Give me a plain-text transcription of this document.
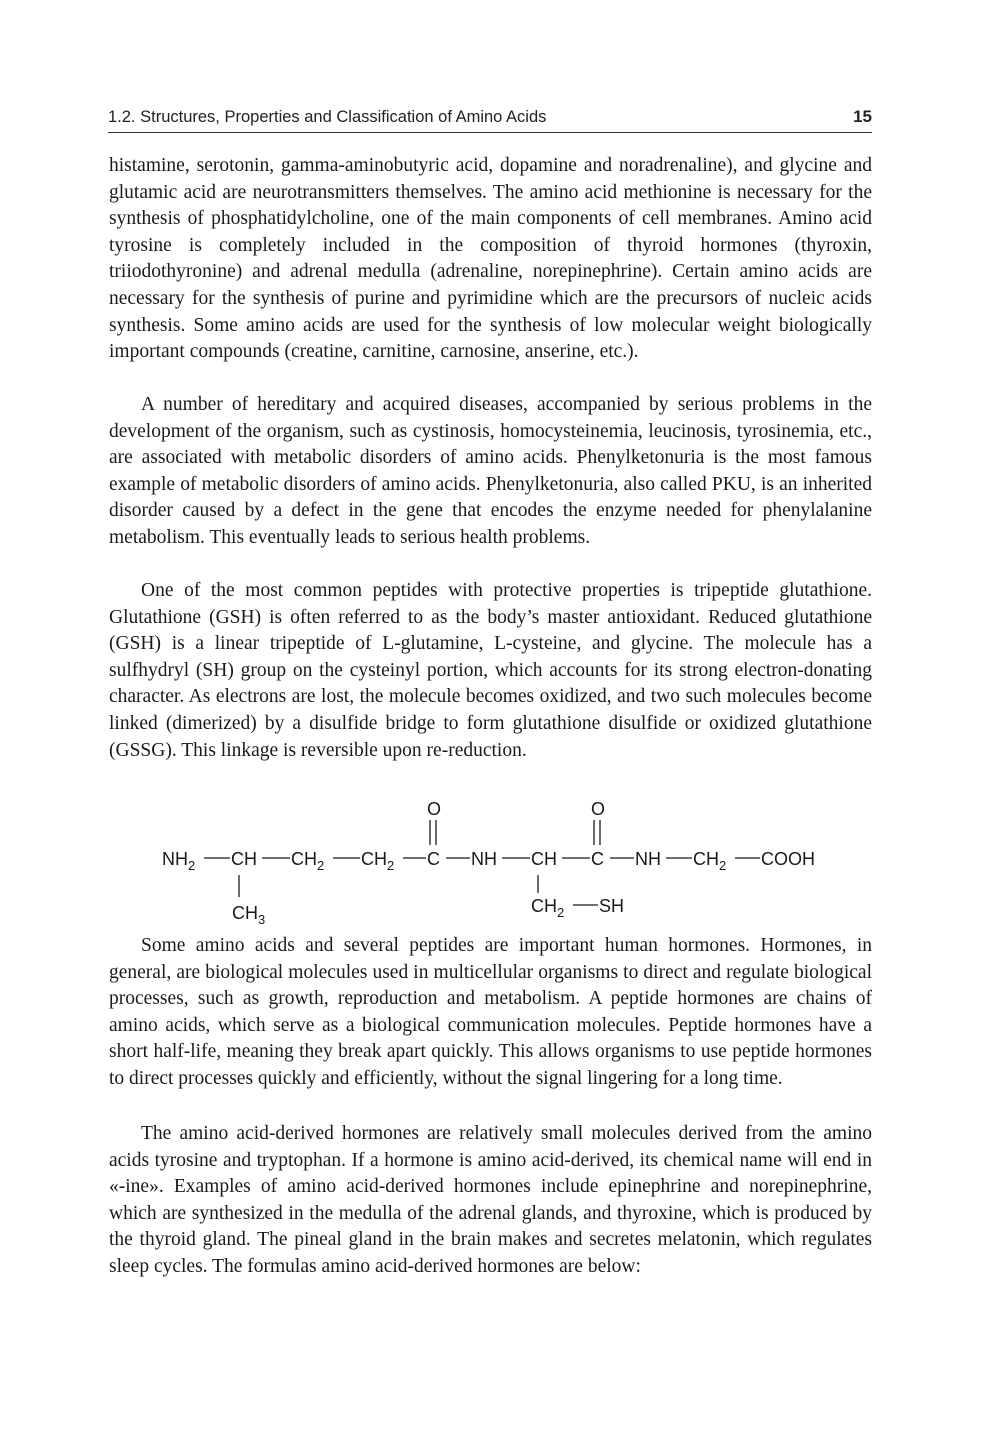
1.2. Structures, Properties and Classification of Amino Acids	15

histamine, serotonin, gamma-aminobutyric acid, dopamine and noradrenaline), and glycine and glutamic acid are neurotransmitters themselves. The amino acid methionine is necessary for the synthesis of phosphatidylcholine, one of the main components of cell membranes. Amino acid tyrosine is completely included in the composition of thyroid hormones (thyroxin, triiodothyronine) and adrenal medulla (adrenaline, norepinephrine). Certain amino acids are necessary for the synthesis of purine and pyrimidine which are the precursors of nucleic acids synthesis. Some amino acids are used for the synthesis of low molecular weight biologically important compounds (creatine, carnitine, carnosine, anserine, etc.).

A number of hereditary and acquired diseases, accompanied by serious problems in the development of the organism, such as cystinosis, homocysteinemia, leucinosis, tyrosinemia, etc., are associated with metabolic disorders of amino acids. Phenylketonuria is the most famous example of metabolic disorders of amino acids. Phenylketonuria, also called PKU, is an inherited disorder caused by a defect in the gene that encodes the enzyme needed for phenylalanine metabolism. This eventually leads to serious health problems.

One of the most common peptides with protective properties is tripeptide glutathione. Glutathione (GSH) is often referred to as the body’s master antioxidant. Reduced glutathione (GSH) is a linear tripeptide of L-glutamine, L-cysteine, and glycine. The molecule has a sulfhydryl (SH) group on the cysteinyl portion, which accounts for its strong electron-donating character. As electrons are lost, the molecule becomes oxidized, and two such molecules become linked (dimerized) by a disulfide bridge to form glutathione disulfide or oxidized glutathione (GSSG). This linkage is reversible upon re-reduction.

$NH_2$ CH $CH_2$ $CH_2$ C
O
NH CH C
O
NH $CH_2$ COOH
$CH_3$
$CH_2$ SH

Some amino acids and several peptides are important human hormones. Hormones, in general, are biological molecules used in multicellular organisms to direct and regulate biological processes, such as growth, reproduction and metabolism. A peptide hormones are chains of amino acids, which serve as a biological communication molecules. Peptide hormones have a short half-life, meaning they break apart quickly. This allows organisms to use peptide hormones to direct processes quickly and efficiently, without the signal lingering for a long time.

The amino acid-derived hormones are relatively small molecules derived from the amino acids tyrosine and tryptophan. If a hormone is amino acid-derived, its chemical name will end in «-ine». Examples of amino acid-derived hormones include epinephrine and norepinephrine, which are synthesized in the medulla of the adrenal glands, and thyroxine, which is produced by the thyroid gland. The pineal gland in the brain makes and secretes melatonin, which regulates sleep cycles. The formulas amino acid-derived hormones are below:
